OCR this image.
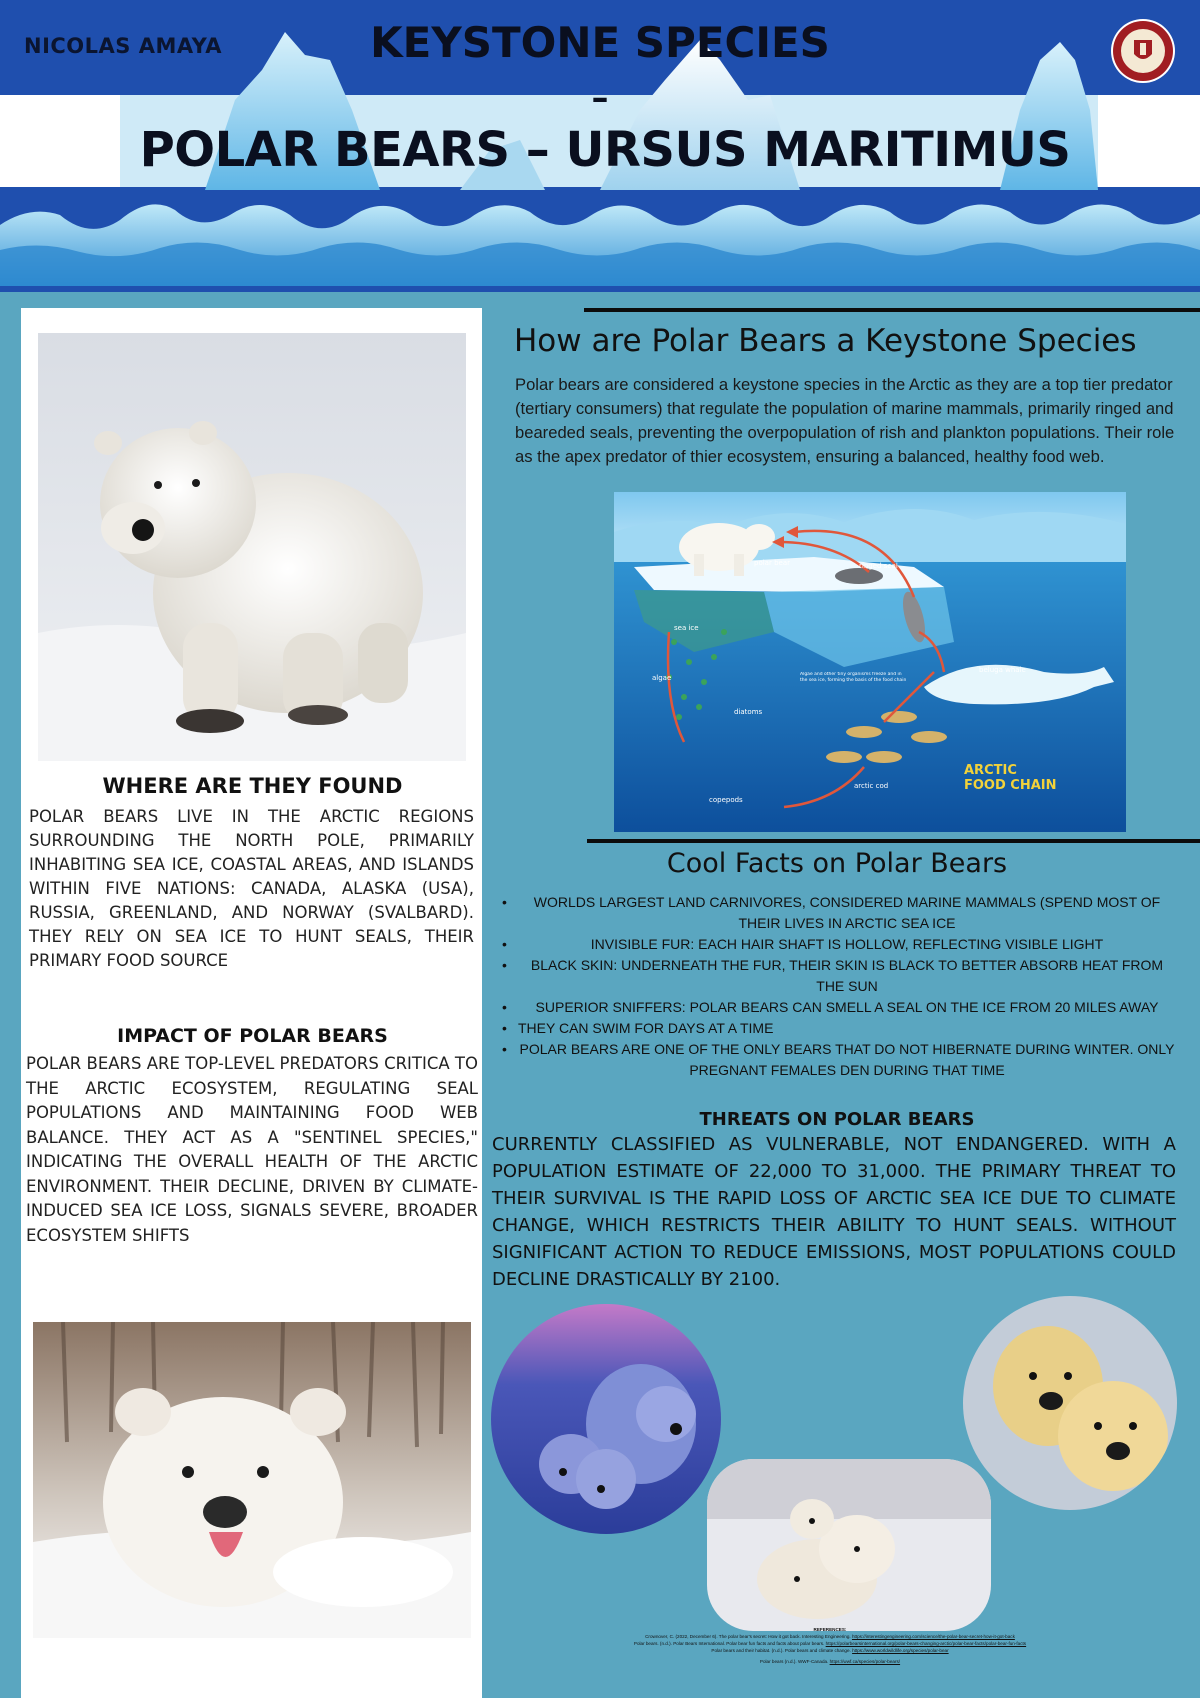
NICOLAS AMAYA	KEYSTONE SPECIES
–
POLAR BEARS – URSUS MARITIMUS
WHERE ARE THEY FOUND
POLAR BEARS LIVE IN THE ARCTIC REGIONS SURROUNDING THE NORTH POLE, PRIMARILY INHABITING SEA ICE, COASTAL AREAS, AND ISLANDS WITHIN FIVE NATIONS: CANADA, ALASKA (USA), RUSSIA, GREENLAND, AND NORWAY (SVALBARD). THEY RELY ON SEA ICE TO HUNT SEALS, THEIR PRIMARY FOOD SOURCE
IMPACT OF POLAR BEARS
POLAR BEARS ARE TOP-LEVEL PREDATORS CRITICA TO THE ARCTIC ECOSYSTEM, REGULATING SEAL POPULATIONS AND MAINTAINING FOOD WEB BALANCE. THEY ACT AS A "SENTINEL SPECIES," INDICATING THE OVERALL HEALTH OF THE ARCTIC ENVIRONMENT. THEIR DECLINE, DRIVEN BY CLIMATE-INDUCED SEA ICE LOSS, SIGNALS SEVERE, BROADER ECOSYSTEM SHIFTS
How are Polar Bears a Keystone Species
Polar bears are considered a keystone species in the Arctic as they are a top tier predator (tertiary consumers) that regulate the population of marine mammals, primarily ringed and beareded seals, preventing the overpopulation of rish and plankton populations. Their role as the apex predator of thier ecosystem, ensuring a balanced, healthy food web.
polar bear
sea ice
ringed seal
beluga whale
algae
diatoms
copepods
arctic cod
Algae and other tiny organisms freeze and in the sea ice, forming the basis of the food chain
ARCTIC
FOOD CHAIN
Cool Facts on Polar Bears
• WORLDS LARGEST LAND CARNIVORES, CONSIDERED MARINE MAMMALS (SPEND MOST OF THEIR LIVES IN ARCTIC SEA ICE
•	INVISIBLE FUR: EACH HAIR SHAFT IS HOLLOW, REFLECTING VISIBLE LIGHT
• BLACK SKIN: UNDERNEATH THE FUR, THEIR SKIN IS BLACK TO BETTER ABSORB HEAT FROM THE SUN
• SUPERIOR SNIFFERS: POLAR BEARS CAN SMELL A SEAL ON THE ICE FROM 20 MILES AWAY
• THEY CAN SWIM FOR DAYS AT A TIME
• POLAR BEARS ARE ONE OF THE ONLY BEARS THAT DO NOT HIBERNATE DURING WINTER. ONLY PREGNANT FEMALES DEN DURING THAT TIME
THREATS ON POLAR BEARS
CURRENTLY CLASSIFIED AS VULNERABLE, NOT ENDANGERED. WITH A POPULATION ESTIMATE OF 22,000 TO 31,000. THE PRIMARY THREAT TO THEIR SURVIVAL IS THE RAPID LOSS OF ARCTIC SEA ICE DUE TO CLIMATE CHANGE, WHICH RESTRICTS THEIR ABILITY TO HUNT SEALS. WITHOUT SIGNIFICANT ACTION TO REDUCE EMISSIONS, MOST POPULATIONS COULD DECLINE DRASTICALLY BY 2100.
REFERENCES:
Crownover, C. (2022, December 6). The polar bear's secret: How it got back. Interesting Engineering. https://interestingengineering.com/science/the-polar-bear-secret-how-it-got-back
Polar bears. (n.d.). Polar Bears International. Polar bear fun facts and facts about polar bears. https://polarbearsinternational.org/polar-bears-changing-arctic/polar-bear-facts/polar-bear-fun-facts
Polar bears and their habitat. (n.d.). Polar bears and climate change. https://www.worldwildlife.org/species/polar-bear
Polar bears (n.d.). WWF-Canada. https://wwf.ca/species/polar-bears/
